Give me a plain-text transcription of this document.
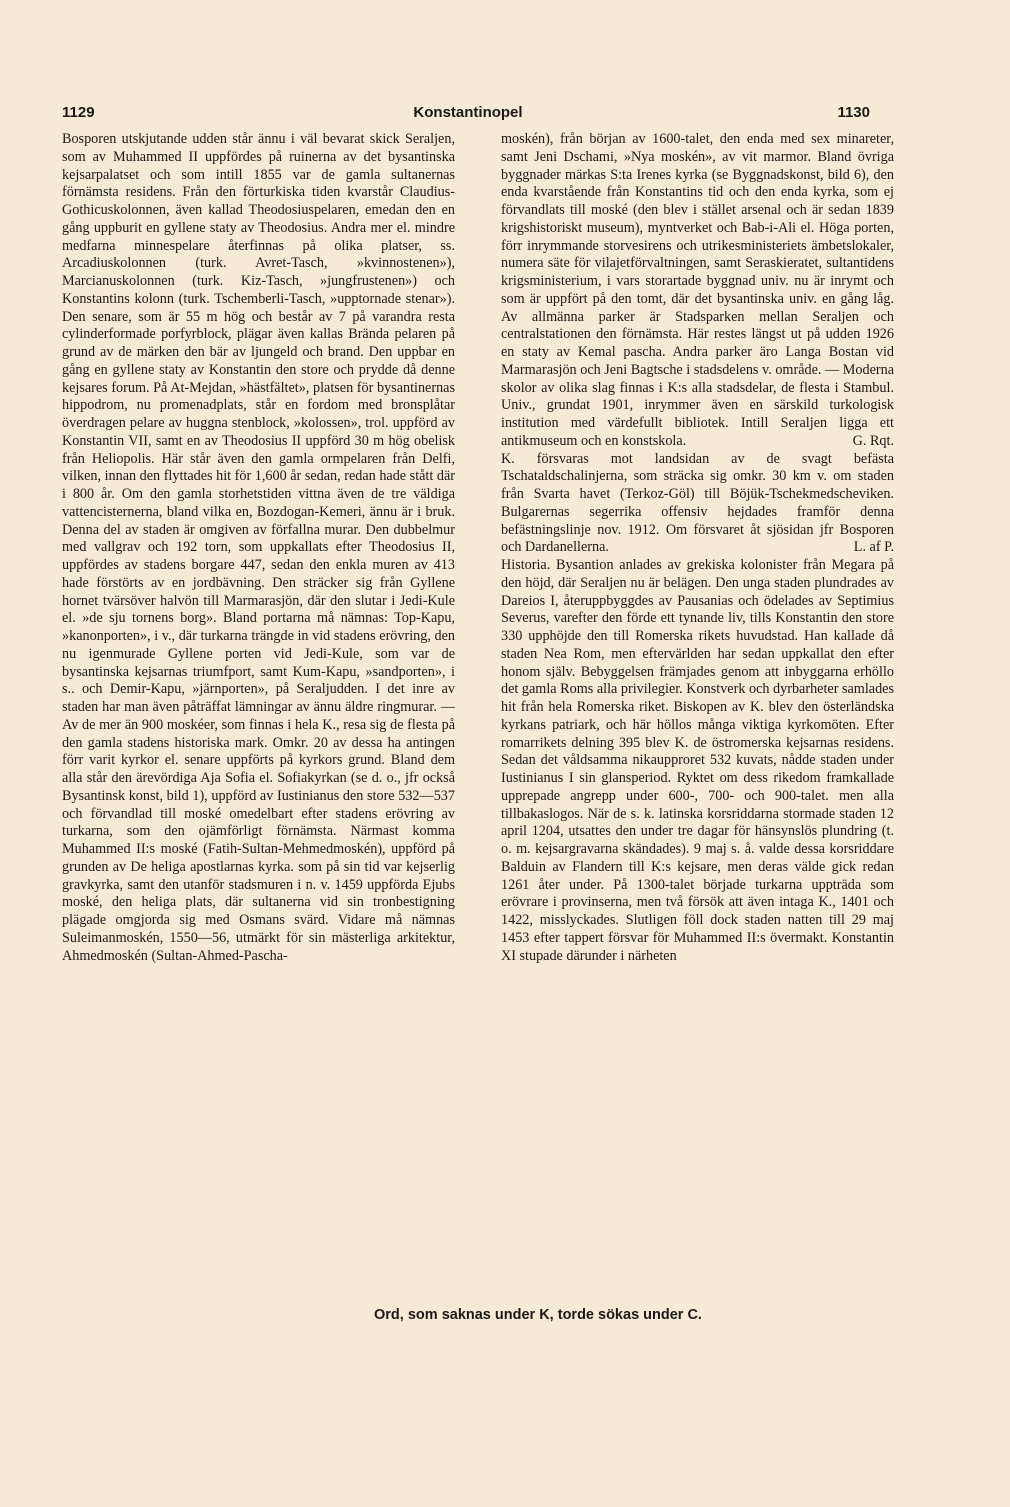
1129	Konstantinopel	1130

Bosporen utskjutande udden står ännu i väl bevarat skick Seraljen, som av Muhammed II uppfördes på ruinerna av det bysantinska kejsarpalatset och som intill 1855 var de gamla sultanernas förnämsta residens. Från den förturkiska tiden kvarstår Claudius-Gothicuskolonnen, även kallad Theodosiuspelaren, emedan den en gång uppburit en gyllene staty av Theodosius. Andra mer el. mindre medfarna minnespelare återfinnas på olika platser, ss. Arcadiuskolonnen (turk. Avret-Tasch, »kvinnostenen»), Marcianuskolonnen (turk. Kiz-Tasch, »jungfrustenen») och Konstantins kolonn (turk. Tschemberli-Tasch, »upptornade stenar»). Den senare, som är 55 m hög och består av 7 på varandra resta cylinderformade porfyrblock, plägar även kallas Brända pelaren på grund av de märken den bär av ljungeld och brand. Den uppbar en gång en gyllene staty av Konstantin den store och prydde då denne kejsares forum. På At-Mejdan, »hästfältet», platsen för bysantinernas hippodrom, nu promenadplats, står en fordom med bronsplåtar överdragen pelare av huggna stenblock, »kolossen», trol. uppförd av Konstantin VII, samt en av Theodosius II uppförd 30 m hög obelisk från Heliopolis. Här står även den gamla ormpelaren från Delfi, vilken, innan den flyttades hit för 1,600 år sedan, redan hade stått där i 800 år. Om den gamla storhetstiden vittna även de tre väldiga vattencisternerna, bland vilka en, Bozdogan-Kemeri, ännu är i bruk. Denna del av staden är omgiven av förfallna murar. Den dubbelmur med vallgrav och 192 torn, som uppkallats efter Theodosius II, uppfördes av stadens borgare 447, sedan den enkla muren av 413 hade förstörts av en jordbävning. Den sträcker sig från Gyllene hornet tvärsöver halvön till Marmarasjön, där den slutar i Jedi-Kule el. »de sju tornens borg». Bland portarna må nämnas: Top-Kapu, »kanonporten», i v., där turkarna trängde in vid stadens erövring, den nu igenmurade Gyllene porten vid Jedi-Kule, som var de bysantinska kejsarnas triumfport, samt Kum-Kapu, »sandporten», i s.. och Demir-Kapu, »järnporten», på Seraljudden. I det inre av staden har man även påträffat lämningar av ännu äldre ringmurar. — Av de mer än 900 moskéer, som finnas i hela K., resa sig de flesta på den gamla stadens historiska mark. Omkr. 20 av dessa ha antingen förr varit kyrkor el. senare uppförts på kyrkors grund. Bland dem alla står den ärevördiga Aja Sofia el. Sofiakyrkan (se d. o., jfr också Bysantinsk konst, bild 1), uppförd av Iustinianus den store 532—537 och förvandlad till moské omedelbart efter stadens erövring av turkarna, som den ojämförligt förnämsta. Närmast komma Muhammed II:s moské (Fatih-Sultan-Mehmedmoskén), uppförd på grunden av De heliga apostlarnas kyrka. som på sin tid var kejserlig gravkyrka, samt den utanför stadsmuren i n. v. 1459 uppförda Ejubs moské, den heliga plats, där sultanerna vid sin tronbestigning plägade omgjorda sig med Osmans svärd. Vidare må nämnas Suleimanmoskén, 1550—56, utmärkt för sin mästerliga arkitektur, Ahmedmoskén (Sultan-Ahmed-Pascha-

moskén), från början av 1600-talet, den enda med sex minareter, samt Jeni Dschami, »Nya moskén», av vit marmor. Bland övriga byggnader märkas S:ta Irenes kyrka (se Byggnadskonst, bild 6), den enda kvarstående från Konstantins tid och den enda kyrka, som ej förvandlats till moské (den blev i stället arsenal och är sedan 1839 krigshistoriskt museum), myntverket och Bab-i-Ali el. Höga porten, förr inrymmande storvesirens och utrikesministeriets ämbetslokaler, numera säte för vilajetförvaltningen, samt Seraskieratet, sultantidens krigsministerium, i vars storartade byggnad univ. nu är inrymt och som är uppfört på den tomt, där det bysantinska univ. en gång låg. Av allmänna parker är Stadsparken mellan Seraljen och centralstationen den förnämsta. Här restes längst ut på udden 1926 en staty av Kemal pascha. Andra parker äro Langa Bostan vid Marmarasjön och Jeni Bagtsche i stadsdelens v. område. — Moderna skolor av olika slag finnas i K:s alla stadsdelar, de flesta i Stambul. Univ., grundat 1901, inrymmer även en särskild turkologisk institution med värdefullt bibliotek. Intill Seraljen ligga ett antikmuseum och en konstskola.	G. Rqt.

K. försvaras mot landsidan av de svagt befästa Tschataldschalinjerna, som sträcka sig omkr. 30 km v. om staden från Svarta havet (Terkoz-Göl) till Böjük-Tschekmedscheviken. Bulgarernas segerrika offensiv hejdades framför denna befästningslinje nov. 1912. Om försvaret åt sjösidan jfr Bosporen och Dardanellerna.	L. af P.

Historia. Bysantion anlades av grekiska kolonister från Megara på den höjd, där Seraljen nu är belägen. Den unga staden plundrades av Dareios I, återuppbyggdes av Pausanias och ödelades av Septimius Severus, varefter den förde ett tynande liv, tills Konstantin den store 330 upphöjde den till Romerska rikets huvudstad. Han kallade då staden Nea Rom, men eftervärlden har sedan uppkallat den efter honom själv. Bebyggelsen främjades genom att inbyggarna erhöllo det gamla Roms alla privilegier. Konstverk och dyrbarheter samlades hit från hela Romerska riket. Biskopen av K. blev den österländska kyrkans patriark, och här höllos många viktiga kyrkomöten. Efter romarrikets delning 395 blev K. de östromerska kejsarnas residens. Sedan det våldsamma nikaupproret 532 kuvats, nådde staden under Iustinianus I sin glansperiod. Ryktet om dess rikedom framkallade upprepade angrepp under 600-, 700- och 900-talet. men alla tillbakaslogos. När de s. k. latinska korsriddarna stormade staden 12 april 1204, utsattes den under tre dagar för hänsynslös plundring (t. o. m. kejsargravarna skändades). 9 maj s. å. valde dessa korsriddare Balduin av Flandern till K:s kejsare, men deras välde gick redan 1261 åter under. På 1300-talet började turkarna uppträda som erövrare i provinserna, men två försök att även intaga K., 1401 och 1422, misslyckades. Slutligen föll dock staden natten till 29 maj 1453 efter tappert försvar för Muhammed II:s övermakt. Konstantin XI stupade därunder i närheten

Ord, som saknas under K, torde sökas under C.
